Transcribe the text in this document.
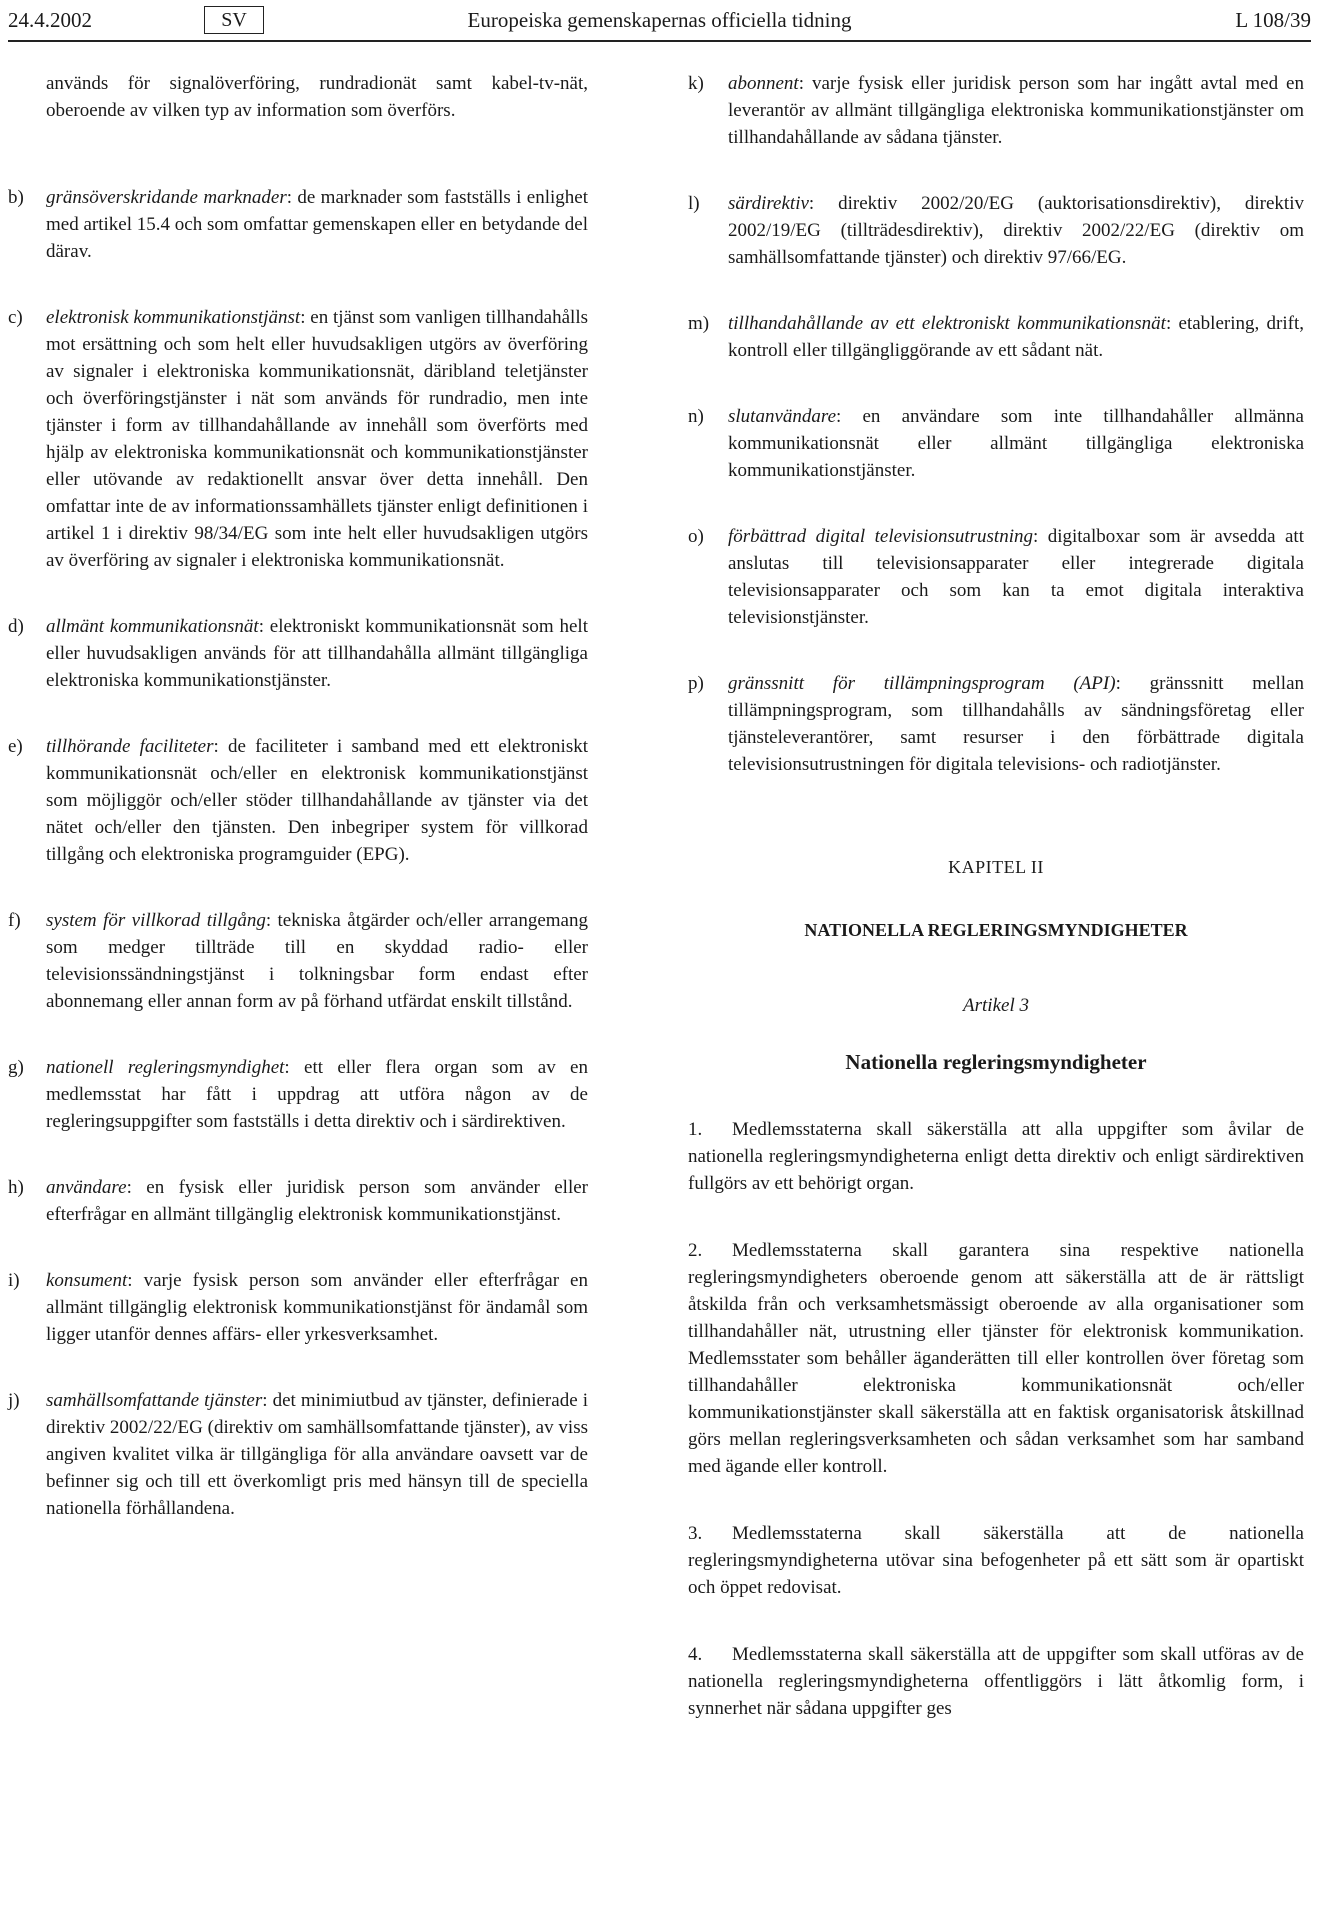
24.4.2002	SV	Europeiska gemenskapernas officiella tidning	L 108/39

används för signalöverföring, rundradionät samt kabel-tv-nät, oberoende av vilken typ av information som överförs.

b) gränsöverskridande marknader: de marknader som fastställs i enlighet med artikel 15.4 och som omfattar gemenskapen eller en betydande del därav.

c) elektronisk kommunikationstjänst: en tjänst som vanligen tillhandahålls mot ersättning och som helt eller huvudsakligen utgörs av överföring av signaler i elektroniska kommunikationsnät, däribland teletjänster och överföringstjänster i nät som används för rundradio, men inte tjänster i form av tillhandahållande av innehåll som överförts med hjälp av elektroniska kommunikationsnät och kommunikationstjänster eller utövande av redaktionellt ansvar över detta innehåll. Den omfattar inte de av informationssamhällets tjänster enligt definitionen i artikel 1 i direktiv 98/34/EG som inte helt eller huvudsakligen utgörs av överföring av signaler i elektroniska kommunikationsnät.

d) allmänt kommunikationsnät: elektroniskt kommunikationsnät som helt eller huvudsakligen används för att tillhandahålla allmänt tillgängliga elektroniska kommunikationstjänster.

e) tillhörande faciliteter: de faciliteter i samband med ett elektroniskt kommunikationsnät och/eller en elektronisk kommunikationstjänst som möjliggör och/eller stöder tillhandahållande av tjänster via det nätet och/eller den tjänsten. Den inbegriper system för villkorad tillgång och elektroniska programguider (EPG).

f) system för villkorad tillgång: tekniska åtgärder och/eller arrangemang som medger tillträde till en skyddad radio- eller televisionssändningstjänst i tolkningsbar form endast efter abonnemang eller annan form av på förhand utfärdat enskilt tillstånd.

g) nationell regleringsmyndighet: ett eller flera organ som av en medlemsstat har fått i uppdrag att utföra någon av de regleringsuppgifter som fastställs i detta direktiv och i särdirektiven.

h) användare: en fysisk eller juridisk person som använder eller efterfrågar en allmänt tillgänglig elektronisk kommunikationstjänst.

i) konsument: varje fysisk person som använder eller efterfrågar en allmänt tillgänglig elektronisk kommunikationstjänst för ändamål som ligger utanför dennes affärs- eller yrkesverksamhet.

j) samhällsomfattande tjänster: det minimiutbud av tjänster, definierade i direktiv 2002/22/EG (direktiv om samhällsomfattande tjänster), av viss angiven kvalitet vilka är tillgängliga för alla användare oavsett var de befinner sig och till ett överkomligt pris med hänsyn till de speciella nationella förhållandena.

k) abonnent: varje fysisk eller juridisk person som har ingått avtal med en leverantör av allmänt tillgängliga elektroniska kommunikationstjänster om tillhandahållande av sådana tjänster.

l) särdirektiv: direktiv 2002/20/EG (auktorisationsdirektiv), direktiv 2002/19/EG (tillträdesdirektiv), direktiv 2002/22/EG (direktiv om samhällsomfattande tjänster) och direktiv 97/66/EG.

m) tillhandahållande av ett elektroniskt kommunikationsnät: etablering, drift, kontroll eller tillgängliggörande av ett sådant nät.

n) slutanvändare: en användare som inte tillhandahåller allmänna kommunikationsnät eller allmänt tillgängliga elektroniska kommunikationstjänster.

o) förbättrad digital televisionsutrustning: digitalboxar som är avsedda att anslutas till televisionsapparater eller integrerade digitala televisionsapparater och som kan ta emot digitala interaktiva televisionstjänster.

p) gränssnitt för tillämpningsprogram (API): gränssnitt mellan tillämpningsprogram, som tillhandahålls av sändningsföretag eller tjänsteleverantörer, samt resurser i den förbättrade digitala televisionsutrustningen för digitala televisions- och radiotjänster.

KAPITEL II
NATIONELLA REGLERINGSMYNDIGHETER
Artikel 3
Nationella regleringsmyndigheter

1. Medlemsstaterna skall säkerställa att alla uppgifter som åvilar de nationella regleringsmyndigheterna enligt detta direktiv och enligt särdirektiven fullgörs av ett behörigt organ.

2. Medlemsstaterna skall garantera sina respektive nationella regleringsmyndigheters oberoende genom att säkerställa att de är rättsligt åtskilda från och verksamhetsmässigt oberoende av alla organisationer som tillhandahåller nät, utrustning eller tjänster för elektronisk kommunikation. Medlemsstater som behåller äganderätten till eller kontrollen över företag som tillhandahåller elektroniska kommunikationsnät och/eller kommunikationstjänster skall säkerställa att en faktisk organisatorisk åtskillnad görs mellan regleringsverksamheten och sådan verksamhet som har samband med ägande eller kontroll.

3. Medlemsstaterna skall säkerställa att de nationella regleringsmyndigheterna utövar sina befogenheter på ett sätt som är opartiskt och öppet redovisat.

4. Medlemsstaterna skall säkerställa att de uppgifter som skall utföras av de nationella regleringsmyndigheterna offentliggörs i lätt åtkomlig form, i synnerhet när sådana uppgifter ges
